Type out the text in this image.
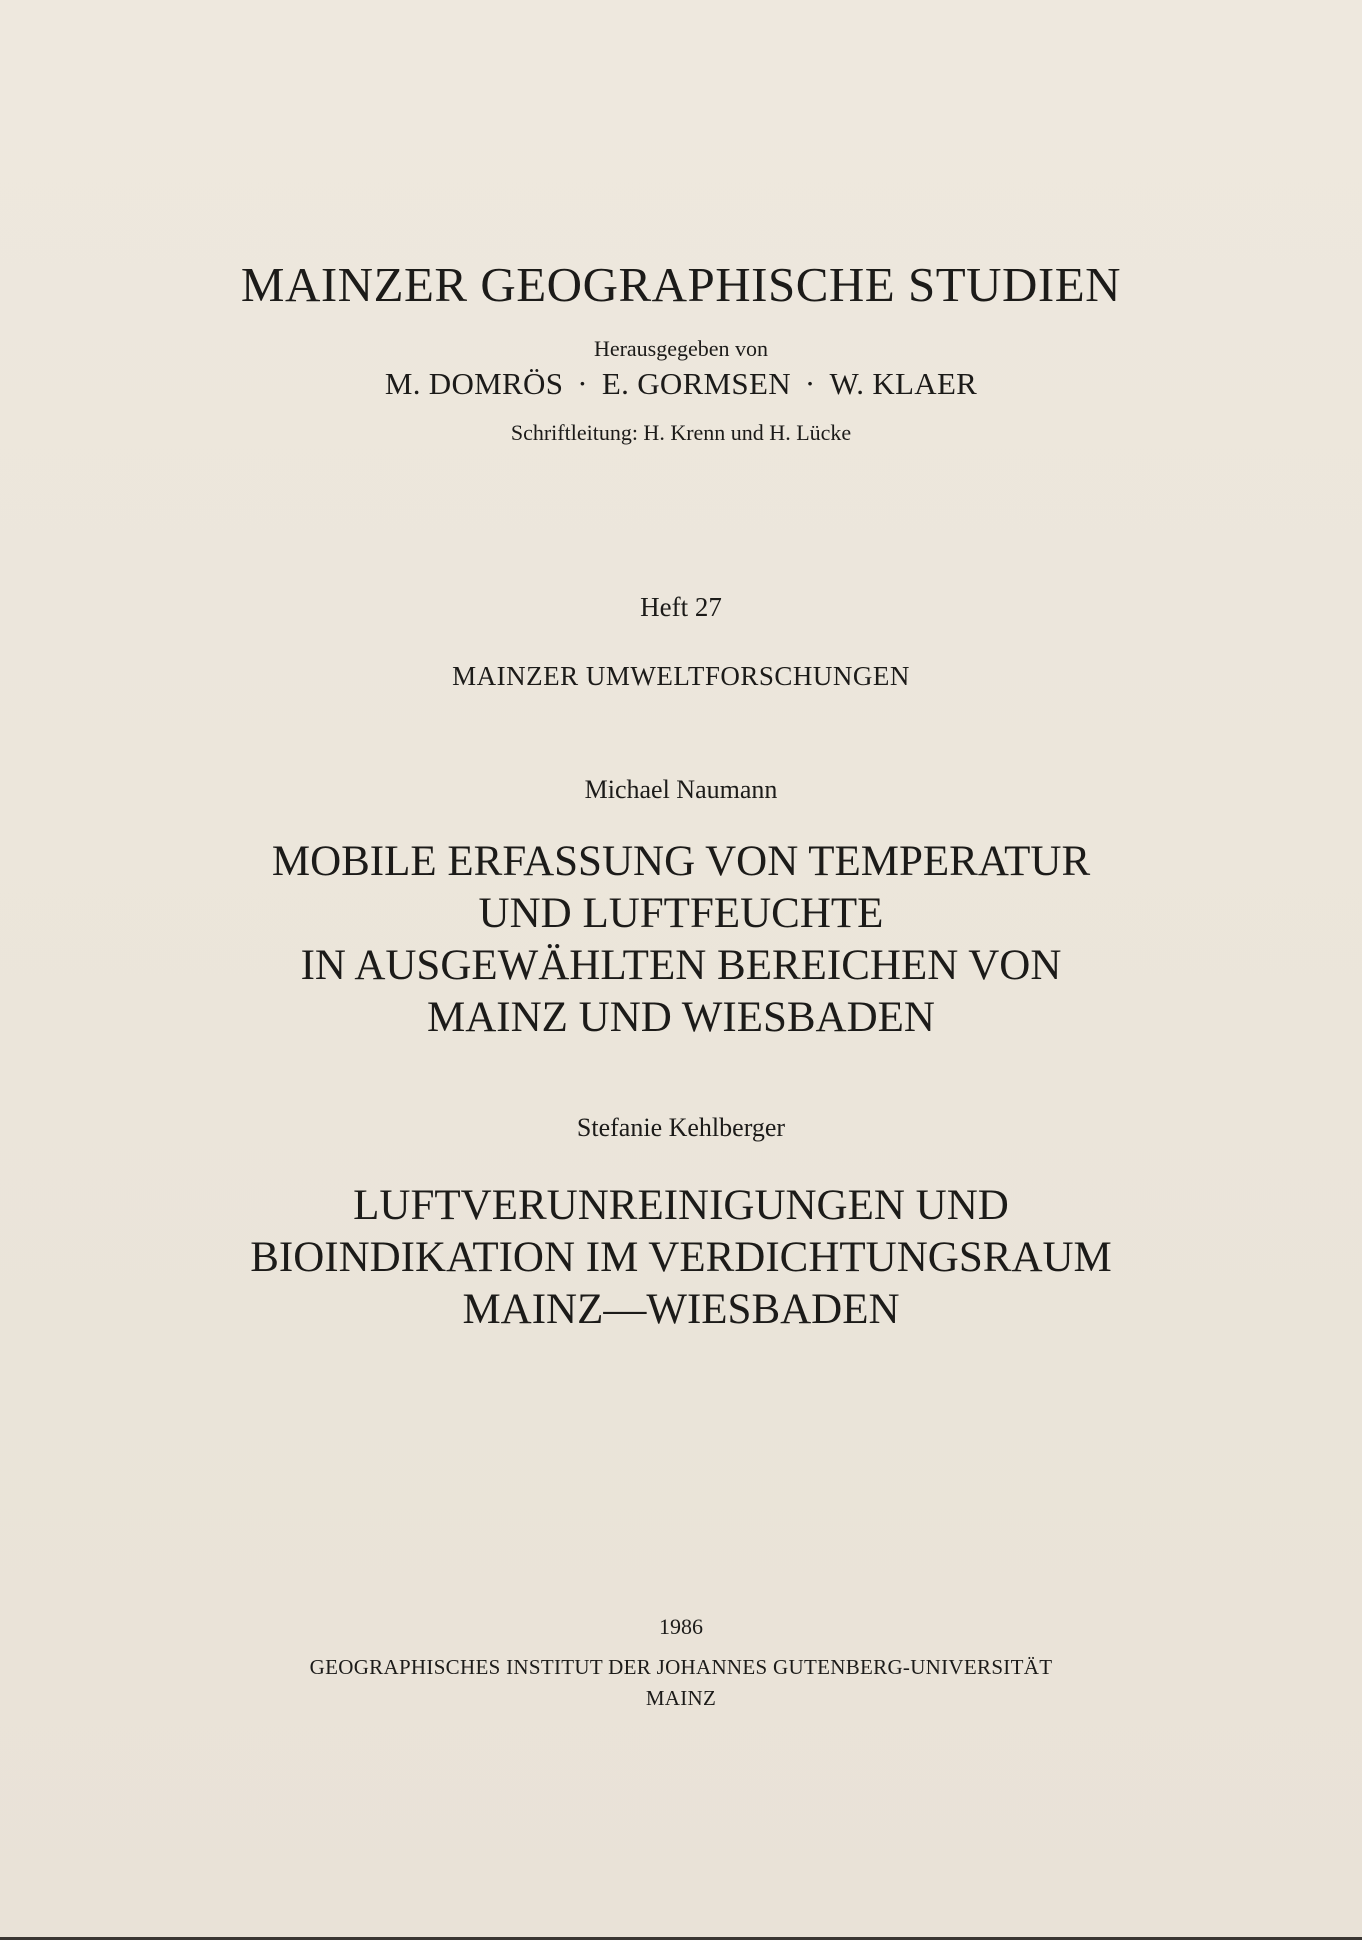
MAINZER GEOGRAPHISCHE STUDIEN
Herausgegeben von
M. DOMRÖS · E. GORMSEN · W. KLAER
Schriftleitung: H. Krenn und H. Lücke
Heft 27
MAINZER UMWELTFORSCHUNGEN
Michael Naumann
MOBILE ERFASSUNG VON TEMPERATUR
UND LUFTFEUCHTE
IN AUSGEWÄHLTEN BEREICHEN VON
MAINZ UND WIESBADEN
Stefanie Kehlberger
LUFTVERUNREINIGUNGEN UND
BIOINDIKATION IM VERDICHTUNGSRAUM
MAINZ—WIESBADEN
1986
GEOGRAPHISCHES INSTITUT DER JOHANNES GUTENBERG-UNIVERSITÄT
MAINZ
